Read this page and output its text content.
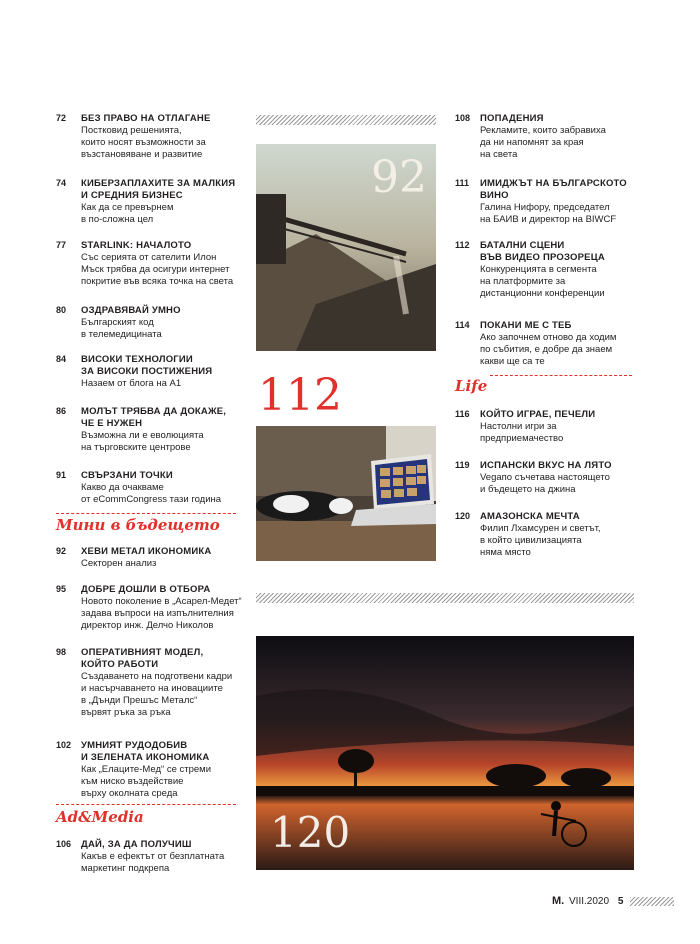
72	БЕЗ ПРАВО НА ОТЛАГАНЕ
Постковид решенията,
които носят възможности за
възстановяване и развитие
74	КИБЕРЗАПЛАХИТЕ ЗА МАЛКИЯ
И СРЕДНИЯ БИЗНЕС
Как да се превърнем
в по-сложна цел
77	STARLINK: НАЧАЛОТО
Със серията от сателити Илон
Мъск трябва да осигури интернет
покритие във всяка точка на света
80	ОЗДРАВЯВАЙ УМНО
Българският код
в телемедицината
84	ВИСОКИ ТЕХНОЛОГИИ
ЗА ВИСОКИ ПОСТИЖЕНИЯ
Назаем от блога на А1
86	МОЛЪТ ТРЯБВА ДА ДОКАЖЕ,
ЧЕ Е НУЖЕН
Възможна ли е еволюцията
на търговските центрове
91	СВЪРЗАНИ ТОЧКИ
Какво да очакваме
от eCommCongress тази година
Мини в бъдещето
92	ХЕВИ МЕТАЛ ИКОНОМИКА
Секторен анализ
95	ДОБРЕ ДОШЛИ В ОТБОРА
Новото поколение в „Асарел-Медет“
задава въпроси на изпълнителния
директор инж. Делчо Николов
98	ОПЕРАТИВНИЯТ МОДЕЛ,
КОЙТО РАБОТИ
Създаването на подготвени кадри
и насърчаването на иновациите
в „Дънди Прешъс Металс“
вървят ръка за ръка
102	УМНИЯТ РУДОДОБИВ
И ЗЕЛЕНАТА ИКОНОМИКА
Как „Елаците-Мед“ се стреми
към ниско въздействие
върху околната среда
Ad&Media
106	ДАЙ, ЗА ДА ПОЛУЧИШ
Какъв е ефектът от безплатната
маркетинг подкрепа
92
112
108	ПОПАДЕНИЯ
Рекламите, които забравиха
да ни напомнят за края
на света
111	ИМИДЖЪТ НА БЪЛГАРСКОТО
ВИНО
Галина Нифору, председател
на БАИВ и директор на BIWCF
112	БАТАЛНИ СЦЕНИ
ВЪВ ВИДЕО ПРОЗОРЕЦА
Конкуренцията в сегмента
на платформите за
дистанционни конференции
114	ПОКАНИ МЕ С ТЕБ
Ако започнем отново да ходим
по събития, е добре да знаем
какви ще са те
Life
116	КОЙТО ИГРАЕ, ПЕЧЕЛИ
Настолни игри за
предприемачество
119	ИСПАНСКИ ВКУС НА ЛЯТО
Vegaпо съчетава настоящето
и бъдещето на джина
120	АМАЗОНСКА МЕЧТА
Филип Лхамсурен и светът,
в който цивилизацията
няма място
120
М. VIII.2020 5
